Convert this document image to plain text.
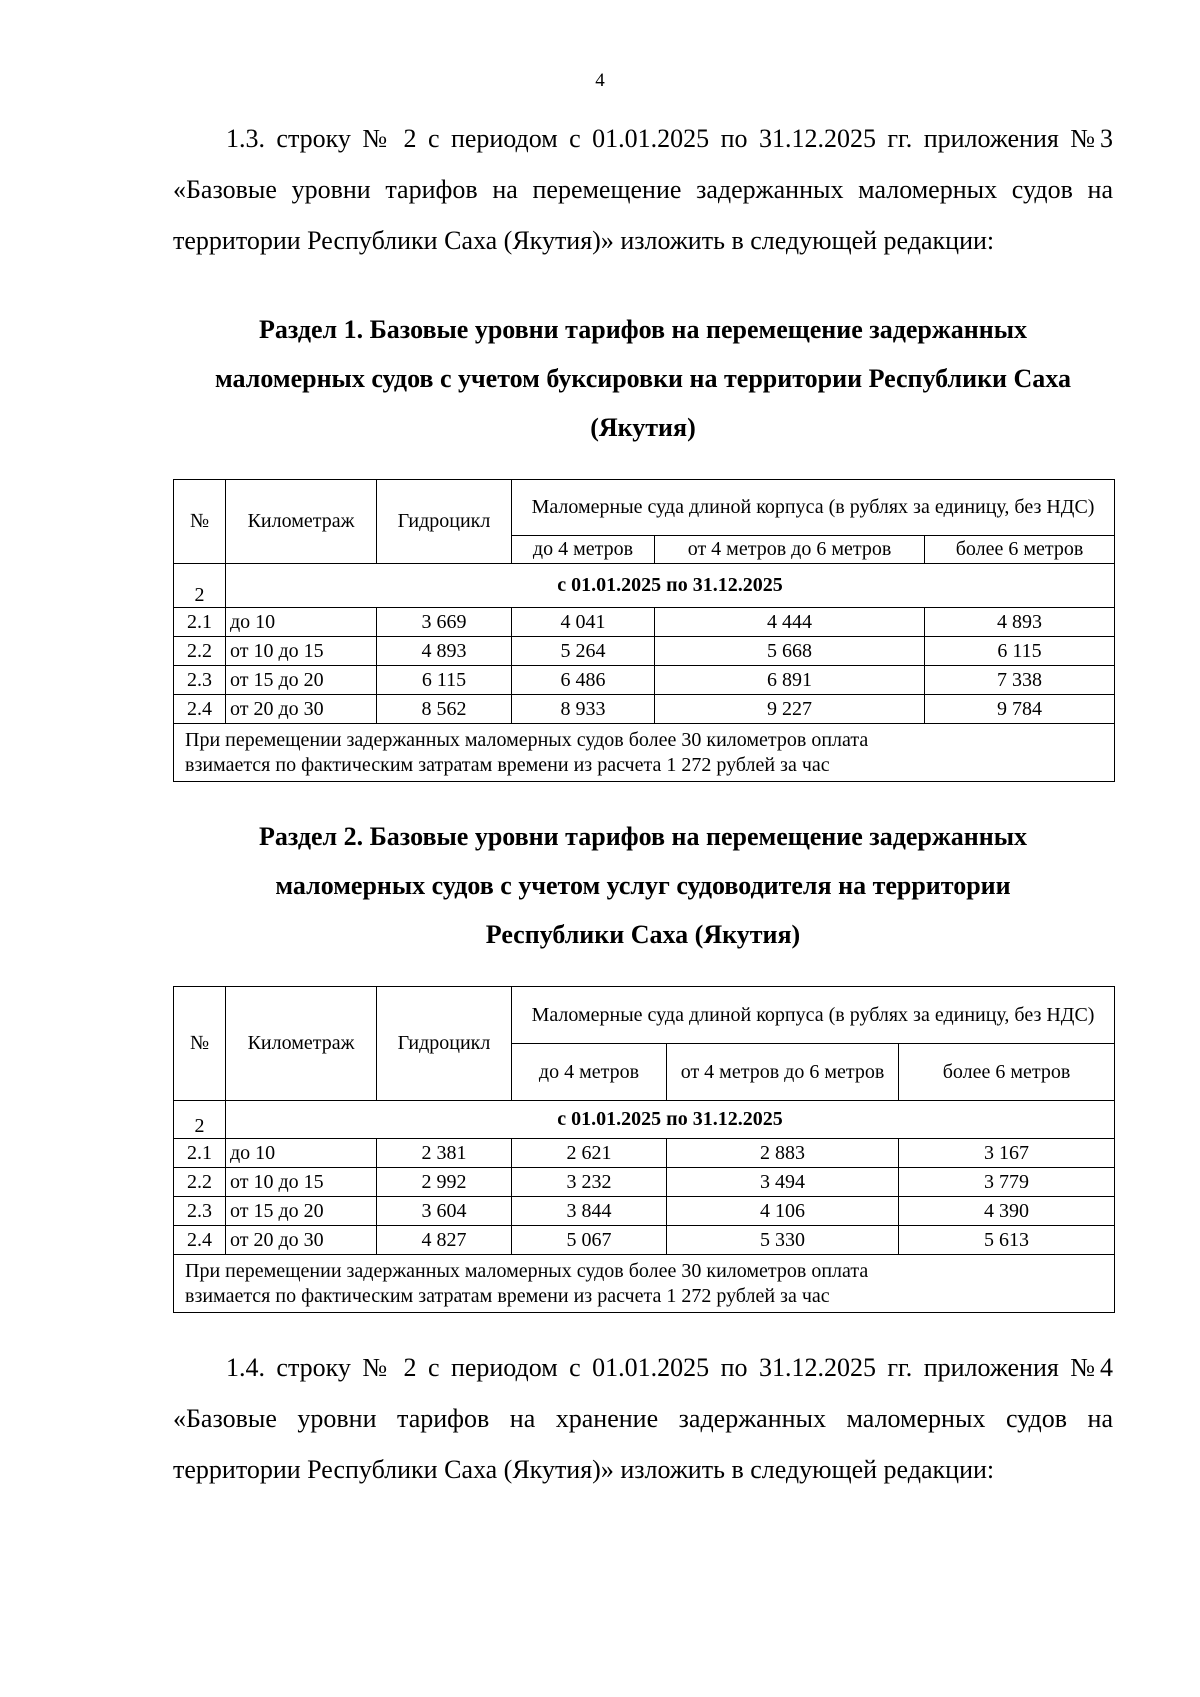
4

1.3. строку № 2 с периодом с 01.01.2025 по 31.12.2025 гг. приложения №3 «Базовые уровни тарифов на перемещение задержанных маломерных судов на территории Республики Саха (Якутия)» изложить в следующей редакции:

Раздел 1. Базовые уровни тарифов на перемещение задержанных
маломерных судов с учетом буксировки на территории Республики Саха
(Якутия)
№	Километраж	Гидроцикл	Маломерные суда длиной корпуса (в рублях за единицу, без НДС)		
			до 4 метров	от 4 метров до 6 метров	более 6 метров
2	с 01.01.2025 по 31.12.2025				
2.1	до 10	3 669	4 041	4 444	4 893
2.2	от 10 до 15	4 893	5 264	5 668	6 115
2.3	от 15 до 20	6 115	6 486	6 891	7 338
2.4	от 20 до 30	8 562	8 933	9 227	9 784

При перемещении задержанных маломерных судов более 30 километров оплата
взимается по фактическим затратам времени из расчета 1 272 рублей за час					
Раздел 2. Базовые уровни тарифов на перемещение задержанных
маломерных судов с учетом услуг судоводителя на территории
Республики Саха (Якутия)
№	Километраж	Гидроцикл	Маломерные суда длиной корпуса (в рублях за единицу, без НДС)		
			до 4 метров	от 4 метров до 6 метров	более 6 метров
2	с 01.01.2025 по 31.12.2025				
2.1	до 10	2 381	2 621	2 883	3 167
2.2	от 10 до 15	2 992	3 232	3 494	3 779
2.3	от 15 до 20	3 604	3 844	4 106	4 390
2.4	от 20 до 30	4 827	5 067	5 330	5 613

При перемещении задержанных маломерных судов более 30 километров оплата
взимается по фактическим затратам времени из расчета 1 272 рублей за час					

1.4. строку № 2 с периодом с 01.01.2025 по 31.12.2025 гг. приложения №4 «Базовые уровни тарифов на хранение задержанных маломерных судов на территории Республики Саха (Якутия)» изложить в следующей редакции:
